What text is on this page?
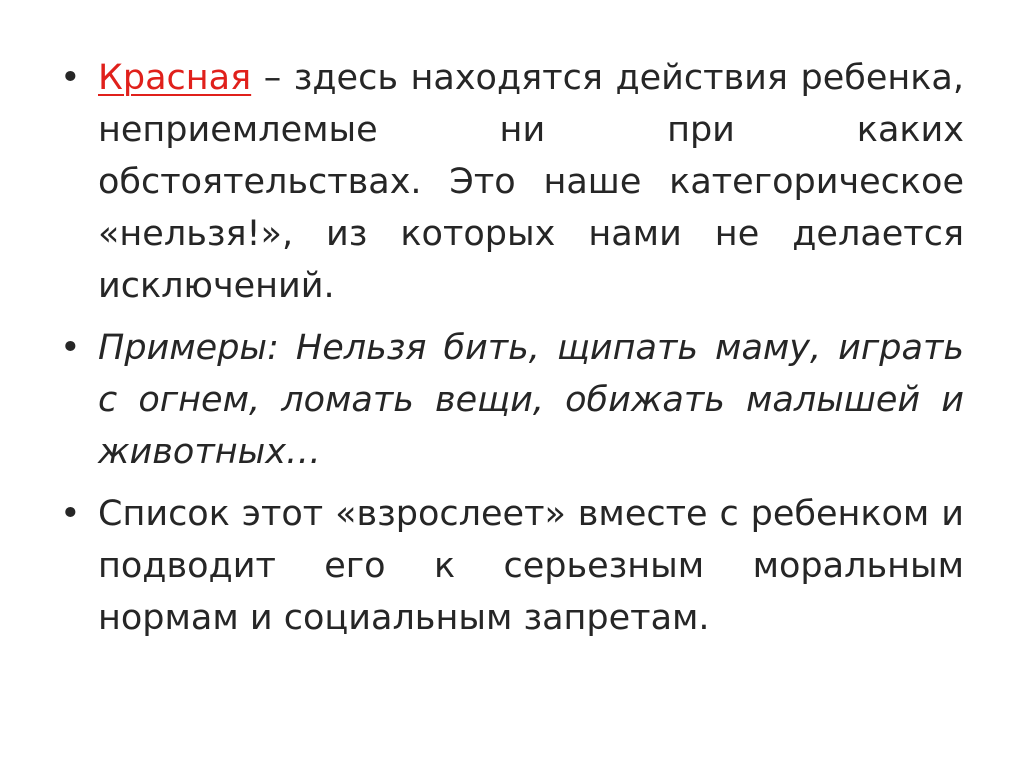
• Красная – здесь находятся действия ребенка, неприемлемые ни при каких обстоятельствах. Это наше категорическое «нельзя!», из которых нами не делается исключений.
• Примеры: Нельзя бить, щипать маму, играть с огнем, ломать вещи, обижать малышей и животных…
• Список этот «взрослеет» вместе с ребенком и подводит его к серьезным моральным нормам и социальным запретам.
